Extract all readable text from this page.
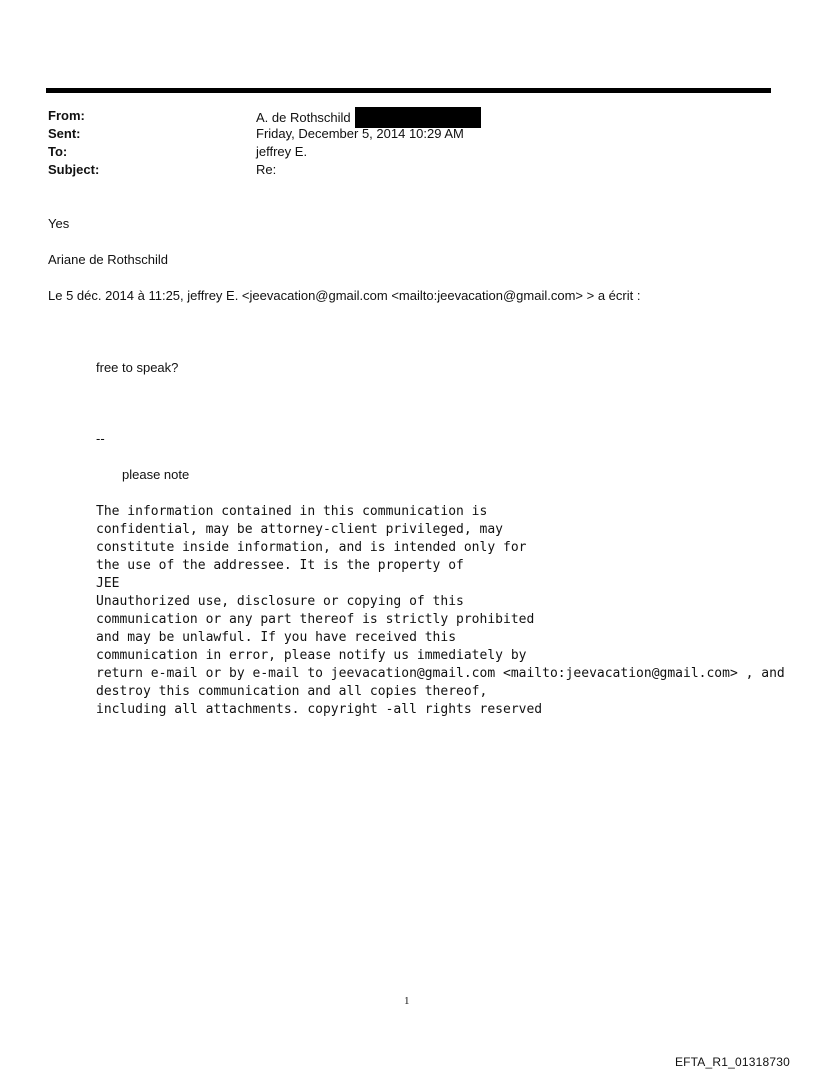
From:	A. de Rothschild
Sent:	Friday, December 5, 2014 10:29 AM
To:	jeffrey E.
Subject:	Re:
Yes
Ariane de Rothschild
Le 5 déc. 2014 à 11:25, jeffrey E. <jeevacation@gmail.com <mailto:jeevacation@gmail.com> > a écrit :
free to speak?
--
please note
The information contained in this communication is
confidential, may be attorney-client privileged, may
constitute inside information, and is intended only for
the use of the addressee. It is the property of
JEE
Unauthorized use, disclosure or copying of this
communication or any part thereof is strictly prohibited
and may be unlawful. If you have received this
communication in error, please notify us immediately by
return e-mail or by e-mail to jeevacation@gmail.com <mailto:jeevacation@gmail.com> , and
destroy this communication and all copies thereof,
including all attachments. copyright -all rights reserved
1
EFTA_R1_01318730
